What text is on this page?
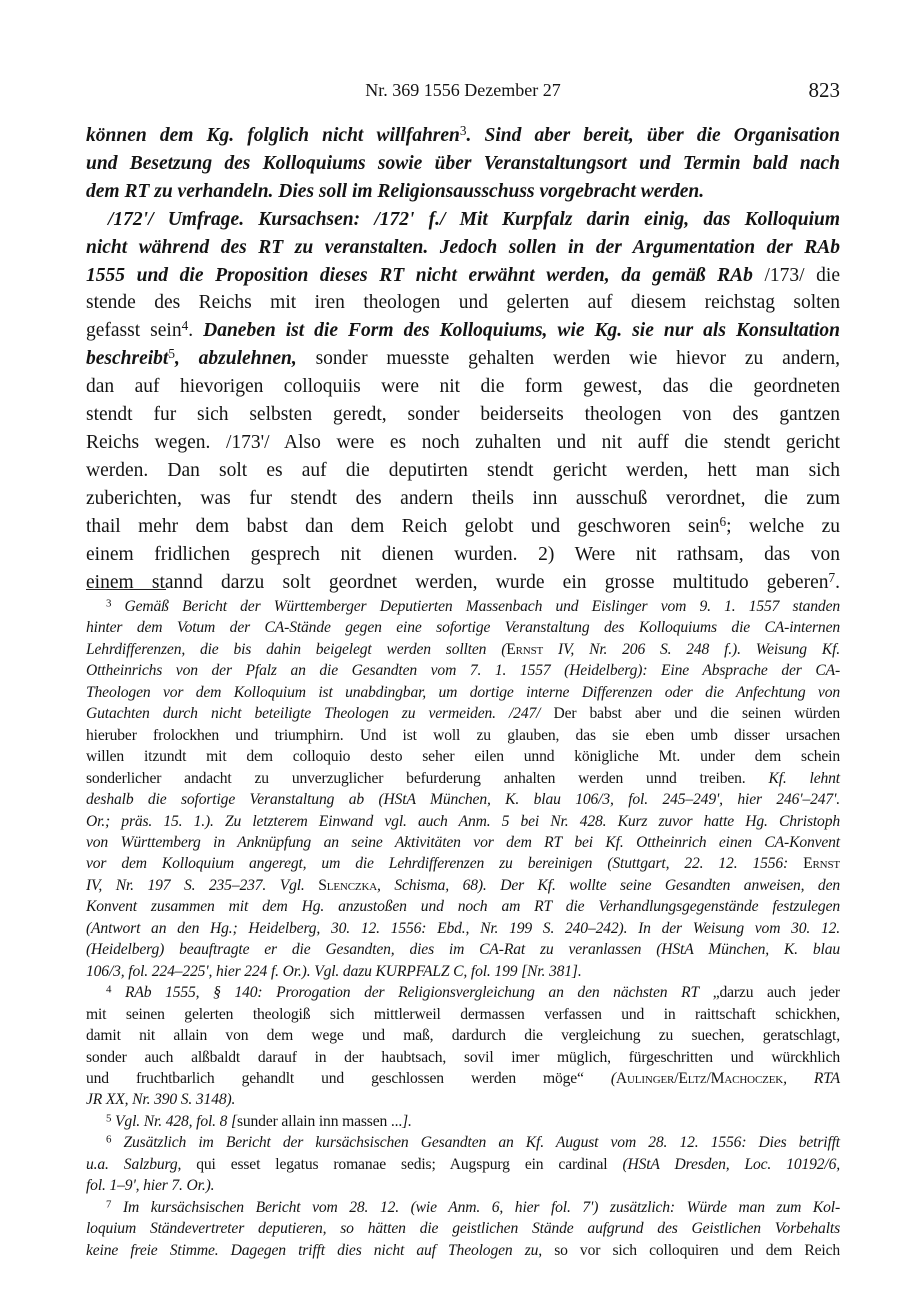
Nr. 369 1556 Dezember 27	823
können dem Kg. folglich nicht willfahren$^3$. Sind aber bereit, über die Organisation
und Besetzung des Kolloquiums sowie über Veranstaltungsort und Termin bald nach
dem RT zu verhandeln. Dies soll im Religionsausschuss vorgebracht werden.
/172'/ Umfrage. Kursachsen: /172' f./ Mit Kurpfalz darin einig, das Kolloquium
nicht während des RT zu veranstalten. Jedoch sollen in der Argumentation der RAb
1555 und die Proposition dieses RT nicht erwähnt werden, da gemäß RAb /173/ die
stende des Reichs mit iren theologen und gelerten auf diesem reichstag solten
gefasst sein$^4$. Daneben ist die Form des Kolloquiums, wie Kg. sie nur als Konsultation
beschreibt$^5$, abzulehnen, sonder muesste gehalten werden wie hievor zu andern,
dan auf hievorigen colloquiis were nit die form gewest, das die geordneten
stendt fur sich selbsten geredt, sonder beiderseits theologen von des gantzen
Reichs wegen. /173'/ Also were es noch zuhalten und nit auff die stendt gericht
werden. Dan solt es auf die deputirten stendt gericht werden, hett man sich
zuberichten, was fur stendt des andern theils inn ausschuß verordnet, die zum
thail mehr dem babst dan dem Reich gelobt und geschworen sein$^6$; welche zu
einem fridlichen gesprech nit dienen wurden. 2) Were nit rathsam, das von
einem stannd darzu solt geordnet werden, wurde ein grosse multitudo geberen$^7$.
$^3$ Gemäß Bericht der Württemberger Deputierten Massenbach und Eislinger vom 9. 1. 1557 standen
hinter dem Votum der CA-Stände gegen eine sofortige Veranstaltung des Kolloquiums die CA-internen
Lehrdifferenzen, die bis dahin beigelegt werden sollten (Ernst IV, Nr. 206 S. 248 f.). Weisung Kf.
Ottheinrichs von der Pfalz an die Gesandten vom 7. 1. 1557 (Heidelberg): Eine Absprache der CA-
Theologen vor dem Kolloquium ist unabdingbar, um dortige interne Differenzen oder die Anfechtung von
Gutachten durch nicht beteiligte Theologen zu vermeiden. /247/ Der babst aber und die seinen würden
hieruber frolockhen und triumphirn. Und ist woll zu glauben, das sie eben umb disser ursachen
willen itzundt mit dem colloquio desto seher eilen unnd königliche Mt. under dem schein
sonderlicher andacht zu unverzuglicher befurderung anhalten werden unnd treiben. Kf. lehnt
deshalb die sofortige Veranstaltung ab (HStA München, K. blau 106/3, fol. 245–249', hier 246'–247'.
Or.; präs. 15. 1.). Zu letzterem Einwand vgl. auch Anm. 5 bei Nr. 428. Kurz zuvor hatte Hg. Christoph
von Württemberg in Anknüpfung an seine Aktivitäten vor dem RT bei Kf. Ottheinrich einen CA-Konvent
vor dem Kolloquium angeregt, um die Lehrdifferenzen zu bereinigen (Stuttgart, 22. 12. 1556: Ernst
IV, Nr. 197 S. 235–237. Vgl. Slenczka, Schisma, 68). Der Kf. wollte seine Gesandten anweisen, den
Konvent zusammen mit dem Hg. anzustoßen und noch am RT die Verhandlungsgegenstände festzulegen
(Antwort an den Hg.; Heidelberg, 30. 12. 1556: Ebd., Nr. 199 S. 240–242). In der Weisung vom 30. 12.
(Heidelberg) beauftragte er die Gesandten, dies im CA-Rat zu veranlassen (HStA München, K. blau
106/3, fol. 224–225', hier 224 f. Or.). Vgl. dazu KURPFALZ C, fol. 199 [Nr. 381].
$^4$ RAb 1555, § 140: Prorogation der Religionsvergleichung an den nächsten RT „darzu auch jeder
mit seinen gelerten theologiß sich mittlerweil dermassen verfassen und in raittschaft schickhen,
damit nit allain von dem wege und maß, dardurch die vergleichung zu suechen, geratschlagt,
sonder auch alßbaldt darauf in der haubtsach, sovil imer müglich, fürgeschritten und würckhlich
und fruchtbarlich gehandlt und geschlossen werden möge“ (Aulinger/Eltz/Machoczek, RTA
JR XX, Nr. 390 S. 3148).
$^5$ Vgl. Nr. 428, fol. 8 [sunder allain inn massen ...].
$^6$ Zusätzlich im Bericht der kursächsischen Gesandten an Kf. August vom 28. 12. 1556: Dies betrifft
u.a. Salzburg, qui esset legatus romanae sedis; Augspurg ein cardinal (HStA Dresden, Loc. 10192/6,
fol. 1–9', hier 7. Or.).
$^7$ Im kursächsischen Bericht vom 28. 12. (wie Anm. 6, hier fol. 7') zusätzlich: Würde man zum Kol-
loquium Ständevertreter deputieren, so hätten die geistlichen Stände aufgrund des Geistlichen Vorbehalts
keine freie Stimme. Dagegen trifft dies nicht auf Theologen zu, so vor sich colloquiren und dem Reich
